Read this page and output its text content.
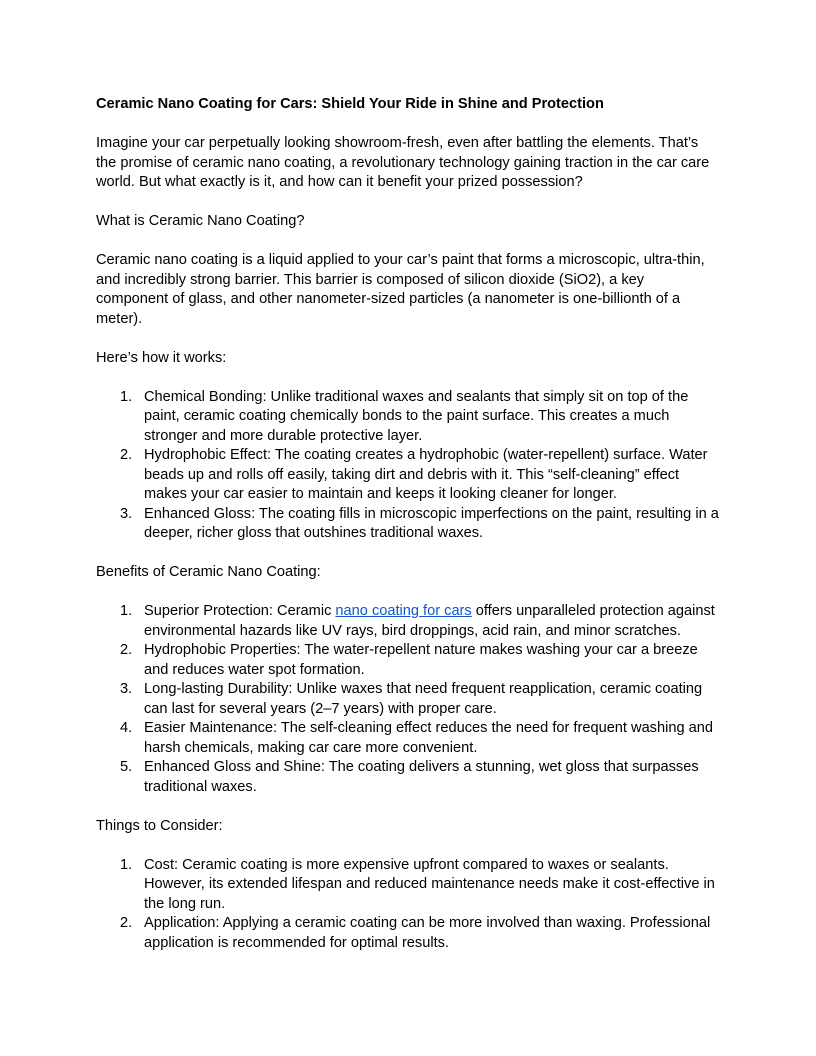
Ceramic Nano Coating for Cars: Shield Your Ride in Shine and Protection

Imagine your car perpetually looking showroom-fresh, even after battling the elements. That’s the promise of ceramic nano coating, a revolutionary technology gaining traction in the car care world. But what exactly is it, and how can it benefit your prized possession?

What is Ceramic Nano Coating?

Ceramic nano coating is a liquid applied to your car’s paint that forms a microscopic, ultra-thin, and incredibly strong barrier. This barrier is composed of silicon dioxide (SiO2), a key component of glass, and other nanometer-sized particles (a nanometer is one-billionth of a meter).

Here’s how it works:

1. Chemical Bonding: Unlike traditional waxes and sealants that simply sit on top of the paint, ceramic coating chemically bonds to the paint surface. This creates a much stronger and more durable protective layer.
2. Hydrophobic Effect: The coating creates a hydrophobic (water-repellent) surface. Water beads up and rolls off easily, taking dirt and debris with it. This “self-cleaning” effect makes your car easier to maintain and keeps it looking cleaner for longer.
3. Enhanced Gloss: The coating fills in microscopic imperfections on the paint, resulting in a deeper, richer gloss that outshines traditional waxes.

Benefits of Ceramic Nano Coating:

1. Superior Protection: Ceramic nano coating for cars offers unparalleled protection against environmental hazards like UV rays, bird droppings, acid rain, and minor scratches.
2. Hydrophobic Properties: The water-repellent nature makes washing your car a breeze and reduces water spot formation.
3. Long-lasting Durability: Unlike waxes that need frequent reapplication, ceramic coating can last for several years (2–7 years) with proper care.
4. Easier Maintenance: The self-cleaning effect reduces the need for frequent washing and harsh chemicals, making car care more convenient.
5. Enhanced Gloss and Shine: The coating delivers a stunning, wet gloss that surpasses traditional waxes.

Things to Consider:

1. Cost: Ceramic coating is more expensive upfront compared to waxes or sealants. However, its extended lifespan and reduced maintenance needs make it cost-effective in the long run.
2. Application: Applying a ceramic coating can be more involved than waxing. Professional application is recommended for optimal results.
